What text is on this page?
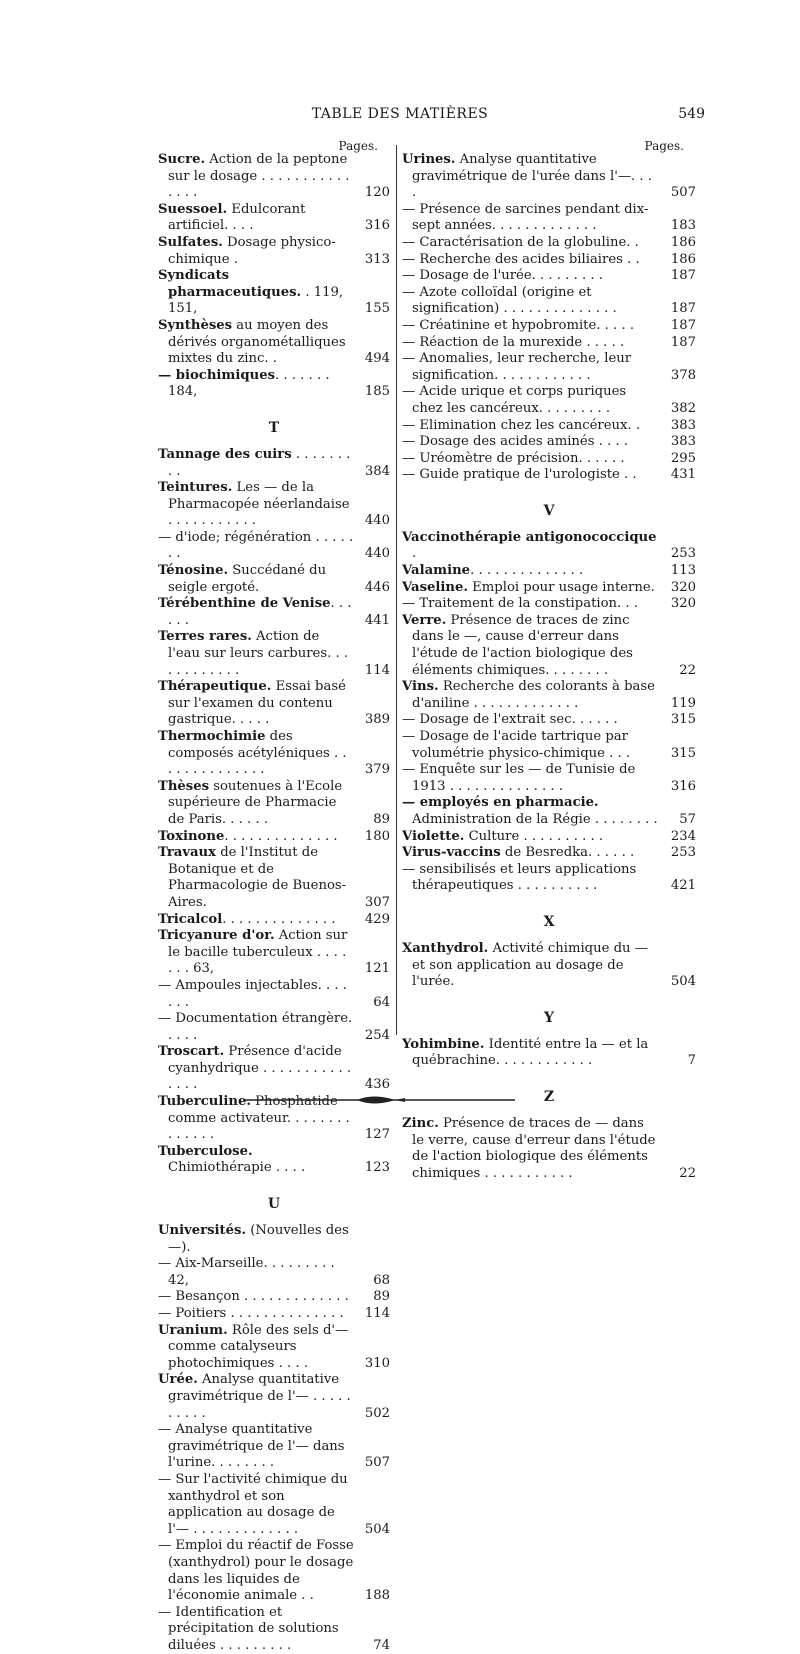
TABLE DES MATIÈRES	549
Pages.
Sucre. Action de la peptone sur le dosage . . . . . . . . . . . . . . .	120
Suessoel. Edulcorant artificiel. . . .	316
Sulfates. Dosage physico-chimique .	313
Syndicats pharmaceutiques. . 119, 151,	155
Synthèses au moyen des dérivés organométalliques mixtes du zinc. .	494
— biochimiques. . . . . . . 184,	185
T
Tannage des cuirs . . . . . . . . .	384
Teintures. Les — de la Pharmacopée néerlandaise . . . . . . . . . . .	440
— d'iode; régénération . . . . . . .	440
Ténosine. Succédané du seigle ergoté.	446
Térébenthine de Venise. . . . . .	441
Terres rares. Action de l'eau sur leurs carbures. . . . . . . . . . . .	114
Thérapeutique. Essai basé sur l'examen du contenu gastrique. . . . .	389
Thermochimie des composés acétyléniques . . . . . . . . . . . . . .	379
Thèses soutenues à l'Ecole supérieure de Pharmacie de Paris. . . . . .	89
Toxinone. . . . . . . . . . . . . .	180
Travaux de l'Institut de Botanique et de Pharmacologie de Buenos-Aires.	307
Tricalcol. . . . . . . . . . . . . .	429
Tricyanure d'or. Action sur le bacille tuberculeux . . . . . . . 63,	121
— Ampoules injectables. . . . . . .	64
— Documentation étrangère. . . . .	254
Troscart. Présence d'acide cyanhydrique . . . . . . . . . . . . . . .	436
Tuberculine. Phosphatide comme activateur. . . . . . . . . . . . . .	127
Tuberculose. Chimiothérapie . . . .	123
U
Universités. (Nouvelles des —).
— Aix-Marseille. . . . . . . . . 42,	68
— Besançon . . . . . . . . . . . . .	89
— Poitiers . . . . . . . . . . . . . .	114
Uranium. Rôle des sels d'— comme catalyseurs photochimiques . . . .	310
Urée. Analyse quantitative gravimétrique de l'— . . . . . . . . . .	502
— Analyse quantitative gravimétrique de l'— dans l'urine. . . . . . . .	507
— Sur l'activité chimique du xanthydrol et son application au dosage de l'— . . . . . . . . . . . . .	504
— Emploi du réactif de Fosse (xanthydrol) pour le dosage dans les liquides de l'économie animale . .	188
— Identification et précipitation de solutions diluées . . . . . . . . .	74
Pages.
Urines. Analyse quantitative gravimétrique de l'urée dans l'—. . . .	507
— Présence de sarcines pendant dix-sept années. . . . . . . . . . . . .	183
— Caractérisation de la globuline. .	186
— Recherche des acides biliaires . .	186
— Dosage de l'urée. . . . . . . . .	187
— Azote colloïdal (origine et signification) . . . . . . . . . . . . . .	187
— Créatinine et hypobromite. . . . .	187
— Réaction de la murexide . . . . .	187
— Anomalies, leur recherche, leur signification. . . . . . . . . . . .	378
— Acide urique et corps puriques chez les cancéreux. . . . . . . . .	382
— Elimination chez les cancéreux. .	383
— Dosage des acides aminés . . . .	383
— Uréomètre de précision. . . . . .	295
— Guide pratique de l'urologiste . .	431
V
Vaccinothérapie antigonococcique .	253
Valamine. . . . . . . . . . . . . .	113
Vaseline. Emploi pour usage interne.	320
— Traitement de la constipation. . .	320
Verre. Présence de traces de zinc dans le —, cause d'erreur dans l'étude de l'action biologique des éléments chimiques. . . . . . . .	22
Vins. Recherche des colorants à base d'aniline . . . . . . . . . . . . .	119
— Dosage de l'extrait sec. . . . . .	315
— Dosage de l'acide tartrique par volumétrie physico-chimique . . .	315
— Enquête sur les — de Tunisie de 1913 . . . . . . . . . . . . . .	316
— employés en pharmacie. Administration de la Régie . . . . . . . .	57
Violette. Culture . . . . . . . . . .	234
Virus-vaccins de Besredka. . . . . .	253
— sensibilisés et leurs applications thérapeutiques . . . . . . . . . .	421
X
Xanthydrol. Activité chimique du — et son application au dosage de l'urée.	504
Y
Yohimbine. Identité entre la — et la québrachine. . . . . . . . . . . .	7
Z
Zinc. Présence de traces de — dans le verre, cause d'erreur dans l'étude de l'action biologique des éléments chimiques . . . . . . . . . . .	22
